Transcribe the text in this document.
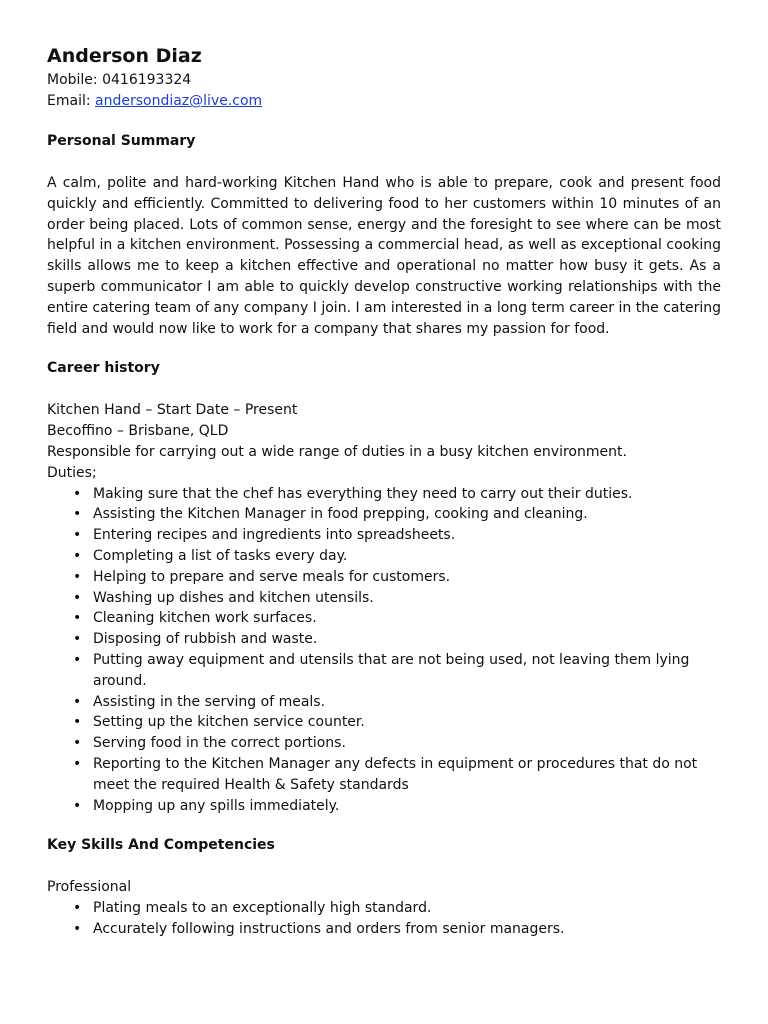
Anderson Diaz

Mobile: 0416193324

Email: andersondiaz@live.com

Personal Summary

A calm, polite and hard-working Kitchen Hand who is able to prepare, cook and present food quickly and efficiently. Committed to delivering food to her customers within 10 minutes of an order being placed. Lots of common sense, energy and the foresight to see where can be most helpful in a kitchen environment. Possessing a commercial head, as well as exceptional cooking skills allows me to keep a kitchen effective and operational no matter how busy it gets. As a superb communicator I am able to quickly develop constructive working relationships with the entire catering team of any company I join. I am interested in a long term career in the catering field and would now like to work for a company that shares my passion for food.

Career history

Kitchen Hand – Start Date – Present

Becoffino – Brisbane, QLD

Responsible for carrying out a wide range of duties in a busy kitchen environment.

Duties;

• Making sure that the chef has everything they need to carry out their duties.
• Assisting the Kitchen Manager in food prepping, cooking and cleaning.
• Entering recipes and ingredients into spreadsheets.
• Completing a list of tasks every day.
• Helping to prepare and serve meals for customers.
• Washing up dishes and kitchen utensils.
• Cleaning kitchen work surfaces.
• Disposing of rubbish and waste.
• Putting away equipment and utensils that are not being used, not leaving them lying around.
• Assisting in the serving of meals.
• Setting up the kitchen service counter.
• Serving food in the correct portions.
• Reporting to the Kitchen Manager any defects in equipment or procedures that do not meet the required Health & Safety standards
• Mopping up any spills immediately.
Key Skills And Competencies

Professional

• Plating meals to an exceptionally high standard.
• Accurately following instructions and orders from senior managers.
